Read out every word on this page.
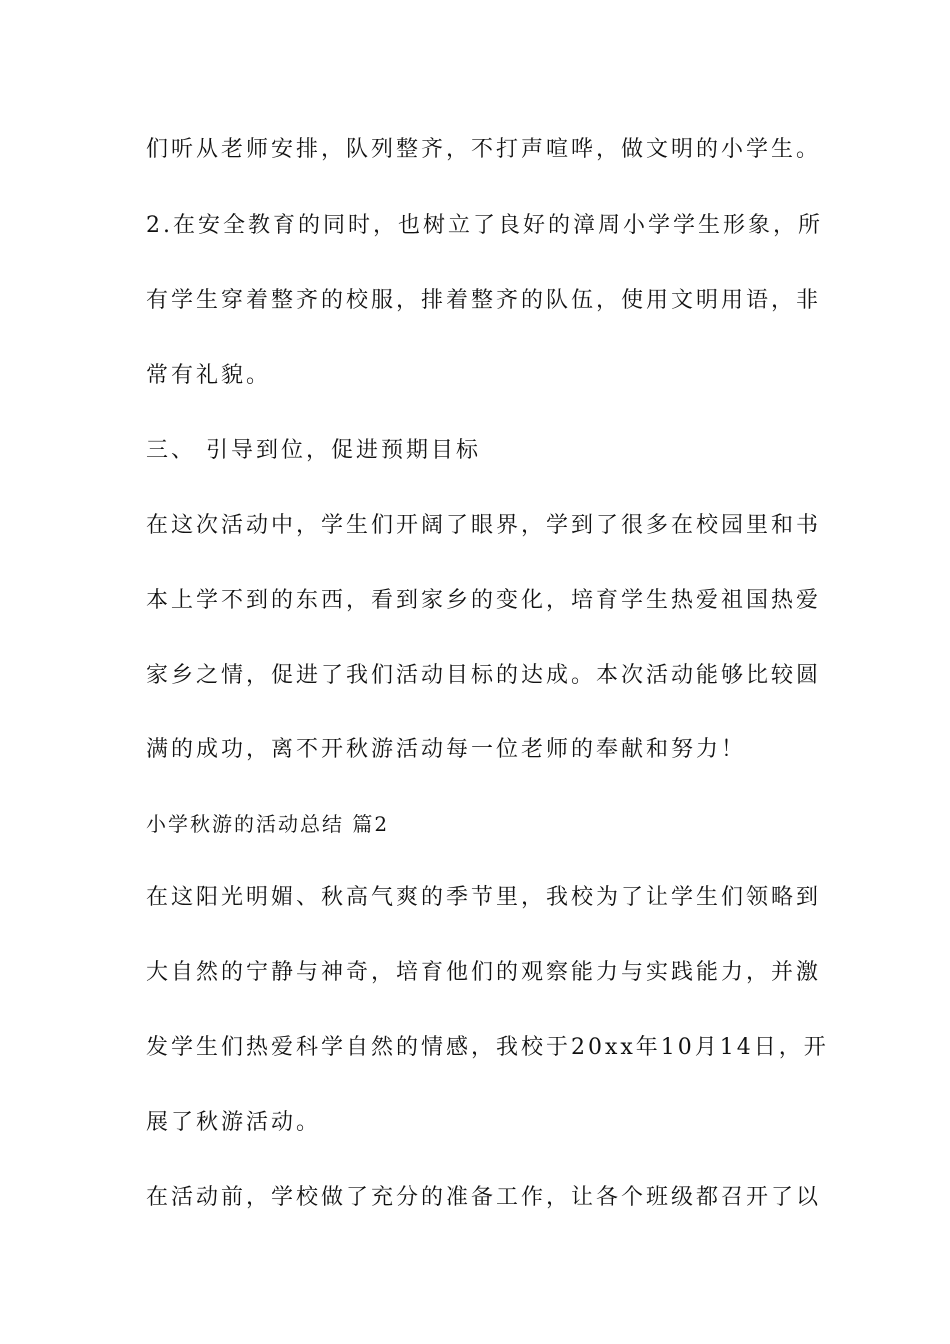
们听从老师安排，队列整齐，不打声喧哗，做文明的小学生。
2.在安全教育的同时，也树立了良好的漳周小学学生形象，所
有学生穿着整齐的校服，排着整齐的队伍，使用文明用语，非
常有礼貌。
三、 引导到位，促进预期目标
在这次活动中，学生们开阔了眼界，学到了很多在校园里和书
本上学不到的东西，看到家乡的变化，培育学生热爱祖国热爱
家乡之情，促进了我们活动目标的达成。本次活动能够比较圆
满的成功，离不开秋游活动每一位老师的奉献和努力！
小学秋游的活动总结 篇2
在这阳光明媚、秋高气爽的季节里，我校为了让学生们领略到
大自然的宁静与神奇，培育他们的观察能力与实践能力，并激
发学生们热爱科学自然的情感，我校于20xx年10月14日，开
展了秋游活动。
在活动前，学校做了充分的准备工作，让各个班级都召开了以
